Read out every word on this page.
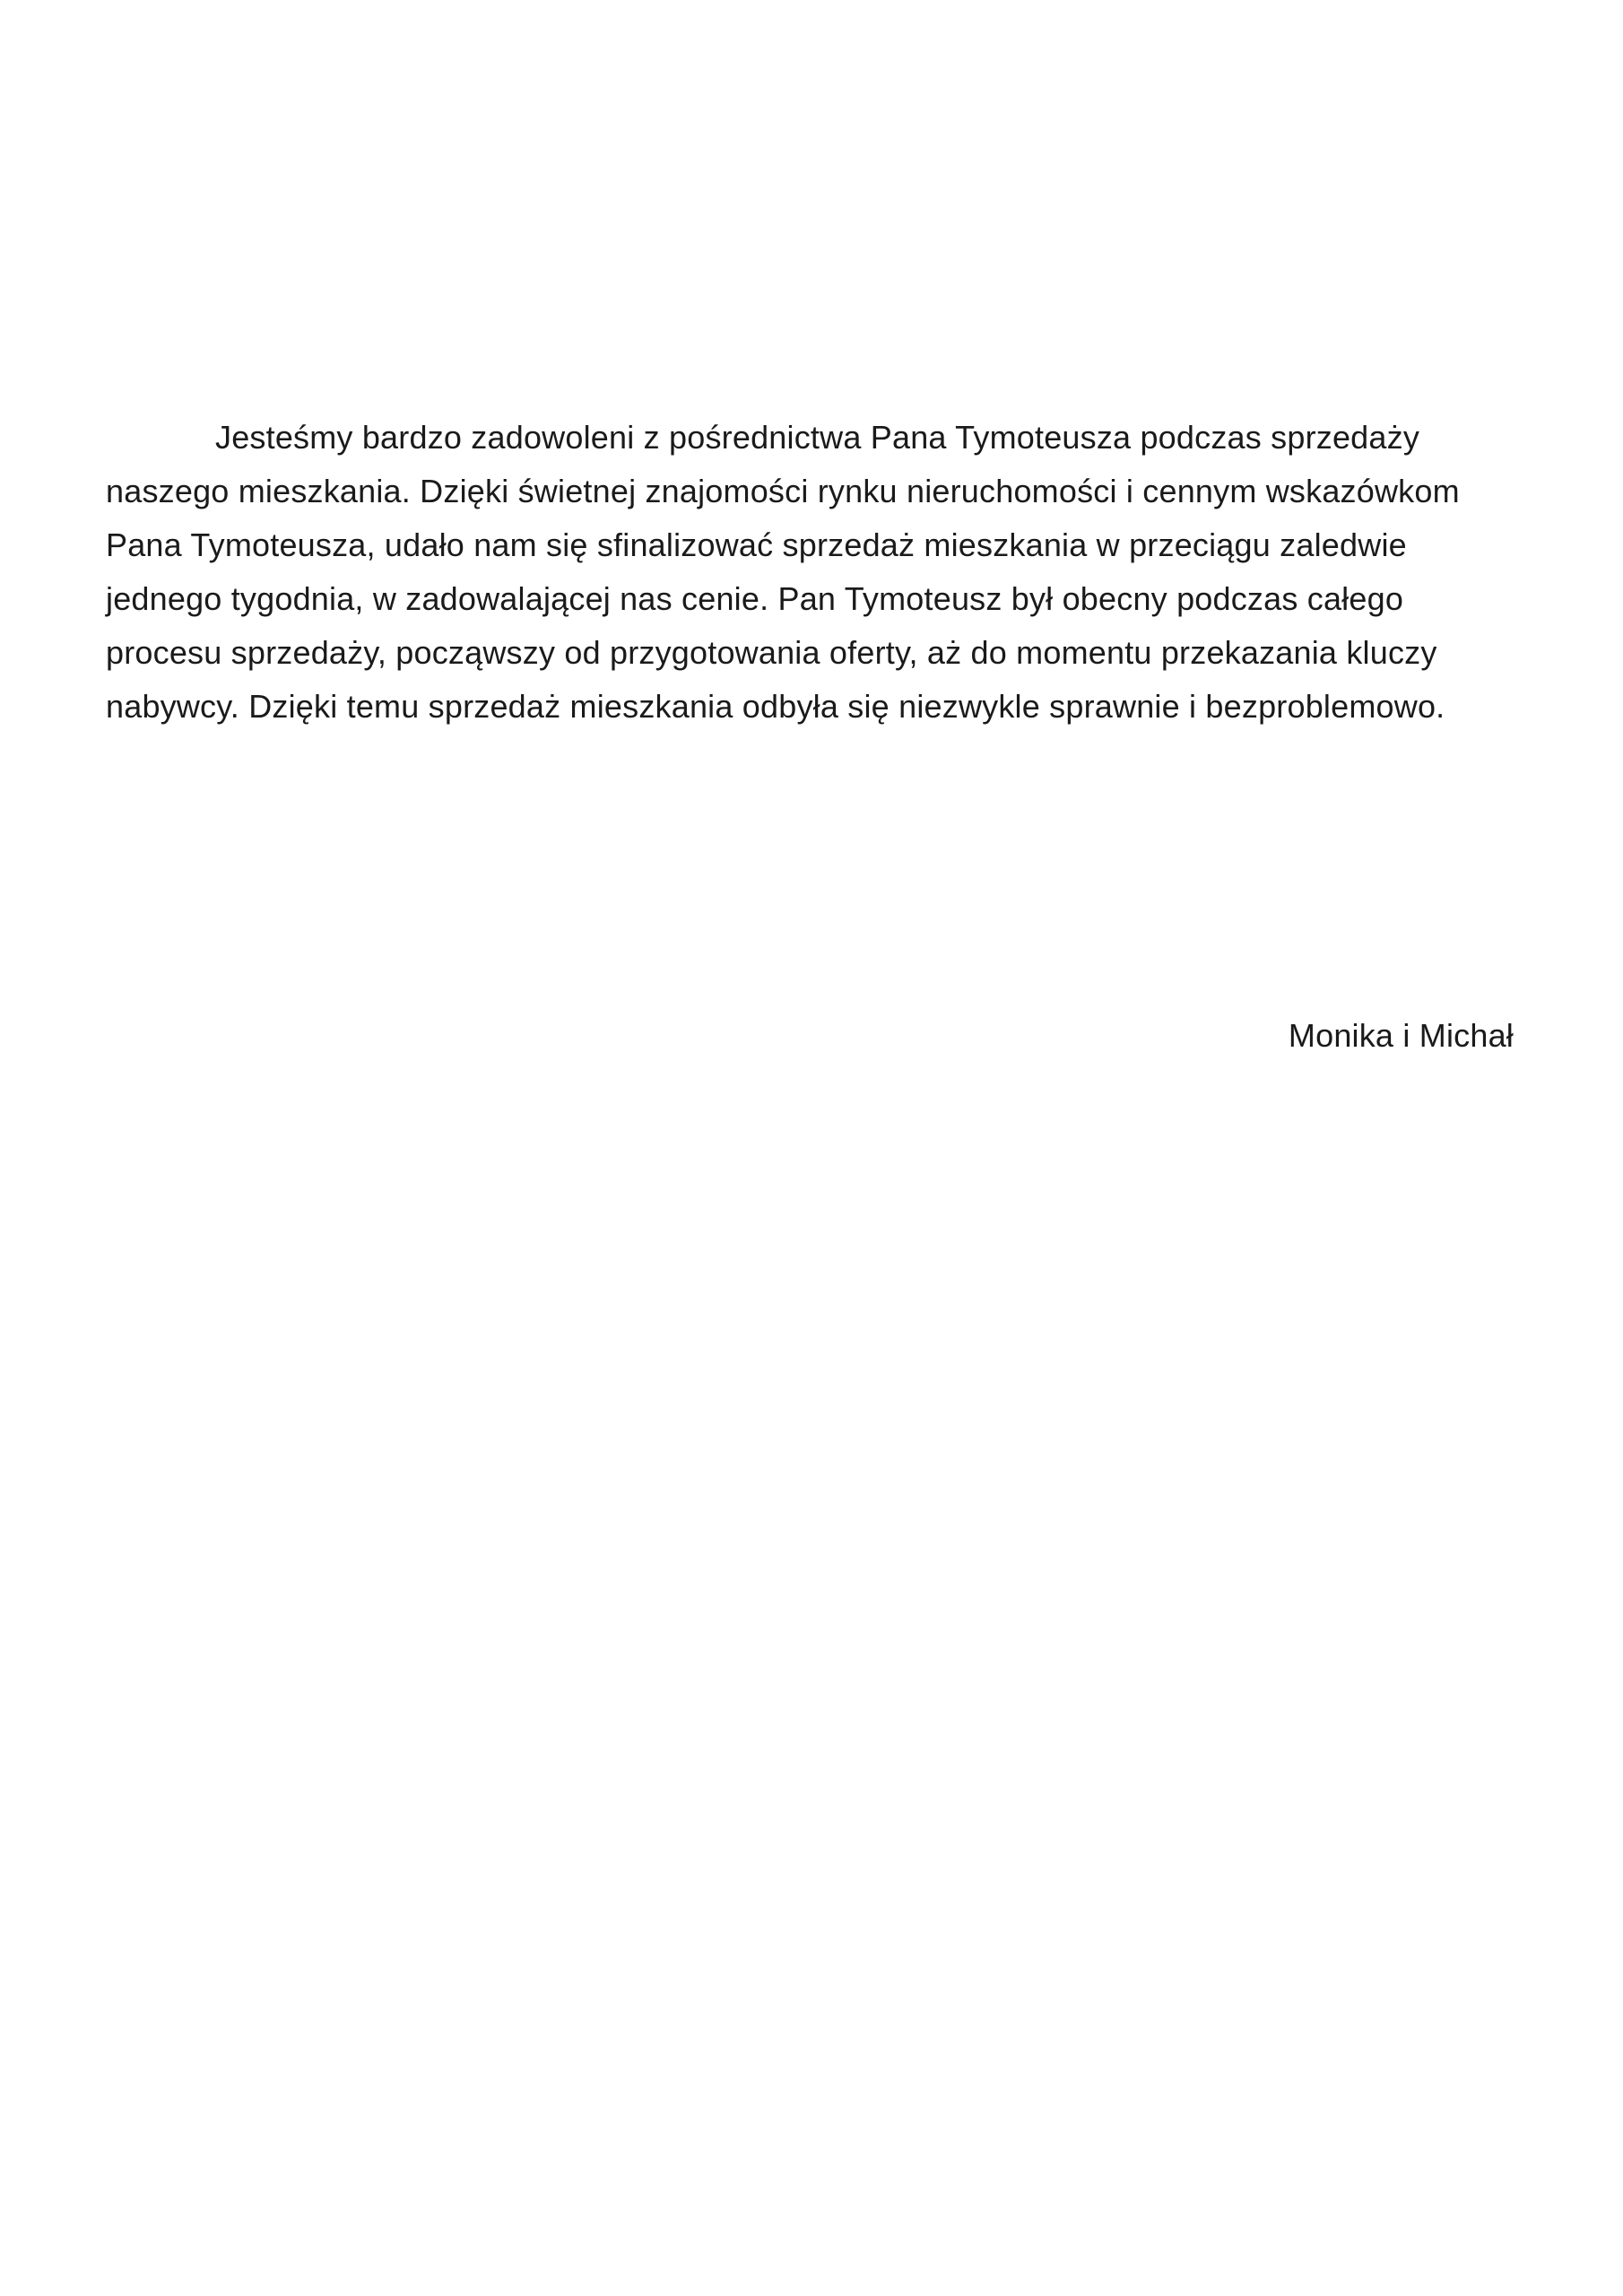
Jesteśmy bardzo zadowoleni z pośrednictwa Pana Tymoteusza podczas sprzedaży
naszego mieszkania. Dzięki świetnej znajomości rynku nieruchomości i cennym wskazówkom
Pana Tymoteusza, udało nam się sfinalizować sprzedaż mieszkania w przeciągu zaledwie
jednego tygodnia, w zadowalającej nas cenie. Pan Tymoteusz był obecny podczas całego
procesu sprzedaży, począwszy od przygotowania oferty, aż do momentu przekazania kluczy
nabywcy. Dzięki temu sprzedaż mieszkania odbyła się niezwykle sprawnie i bezproblemowo.

Monika i Michał
